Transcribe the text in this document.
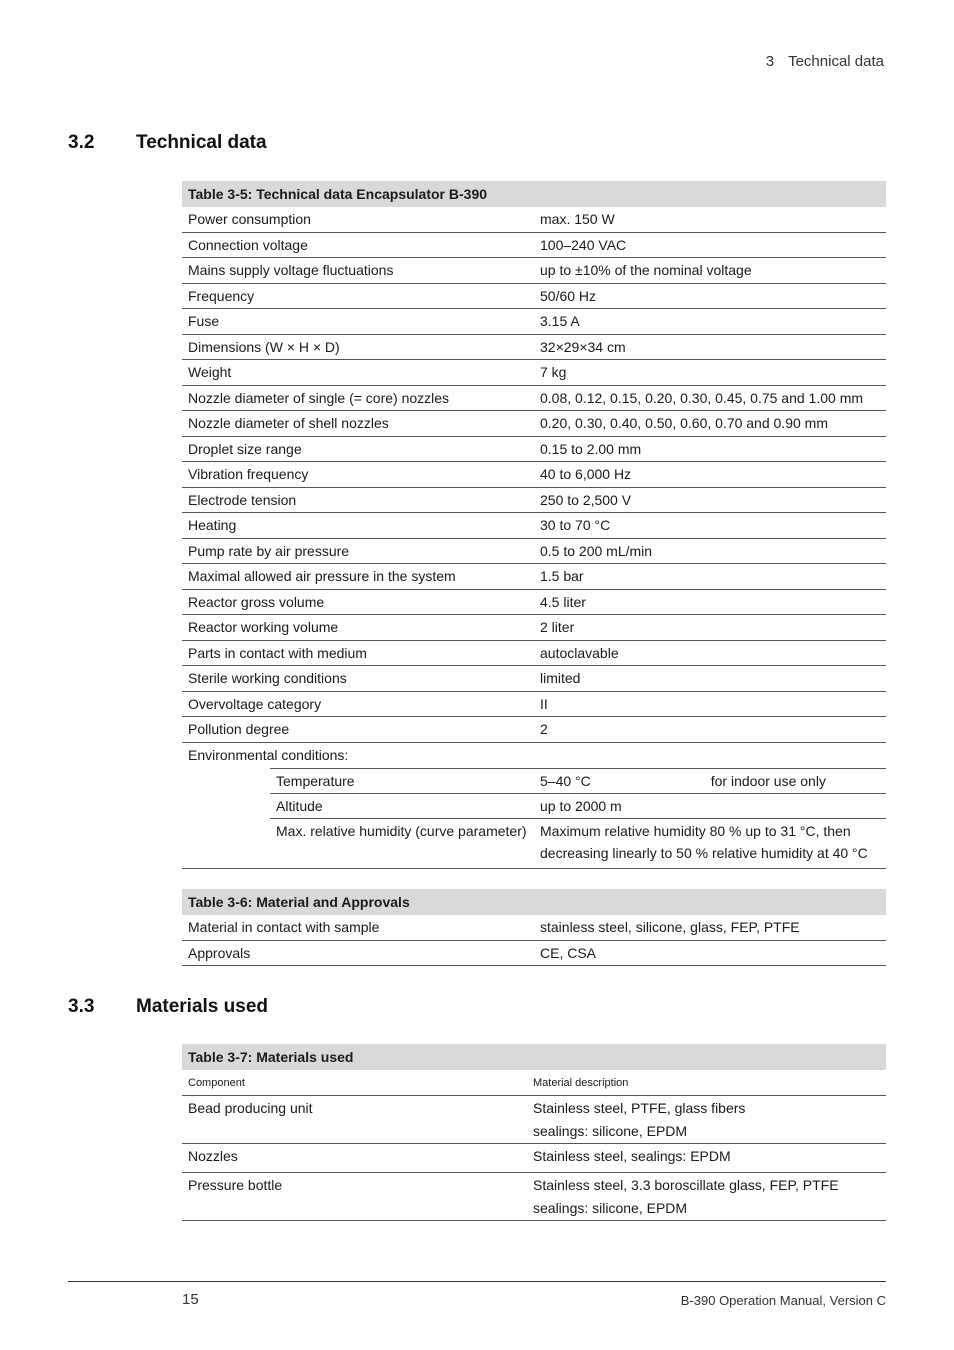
3 Technical data
3.2 Technical data
Table 3-5: Technical data Encapsulator B-390		
Power consumption		max. 150 W
Connection voltage		100–240 VAC
Mains supply voltage fluctuations		up to ±10% of the nominal voltage
Frequency		50/60 Hz
Fuse		3.15 A
Dimensions (W × H × D)		32×29×34 cm
Weight		7 kg
Nozzle diameter of single (= core) nozzles		0.08, 0.12, 0.15, 0.20, 0.30, 0.45, 0.75 and 1.00 mm
Nozzle diameter of shell nozzles		0.20, 0.30, 0.40, 0.50, 0.60, 0.70 and 0.90 mm
Droplet size range		0.15 to 2.00 mm
Vibration frequency		40 to 6,000 Hz
Electrode tension		250 to 2,500 V
Heating		30 to 70 °C
Pump rate by air pressure		0.5 to 200 mL/min
Maximal allowed air pressure in the system		1.5 bar
Reactor gross volume		4.5 liter
Reactor working volume		2 liter
Parts in contact with medium		autoclavable
Sterile working conditions		limited
Overvoltage category		II
Pollution degree		2
Environmental conditions:		
	Temperature	5–40 °C for indoor use only
	Altitude	up to 2000 m
	Max. relative humidity (curve parameter)	Maximum relative humidity 80 % up to 31 °C, then
decreasing linearly to 50 % relative humidity at 40 °C
Table 3-6: Material and Approvals	
Material in contact with sample	stainless steel, silicone, glass, FEP, PTFE
Approvals	CE, CSA
3.3 Materials used
Table 3-7: Materials used	
Component	Material description
Bead producing unit	Stainless steel, PTFE, glass fibers
sealings: silicone, EPDM
Nozzles	Stainless steel, sealings: EPDM
Pressure bottle	Stainless steel, 3.3 boroscillate glass, FEP, PTFE
sealings: silicone, EPDM
15	B-390 Operation Manual, Version C
